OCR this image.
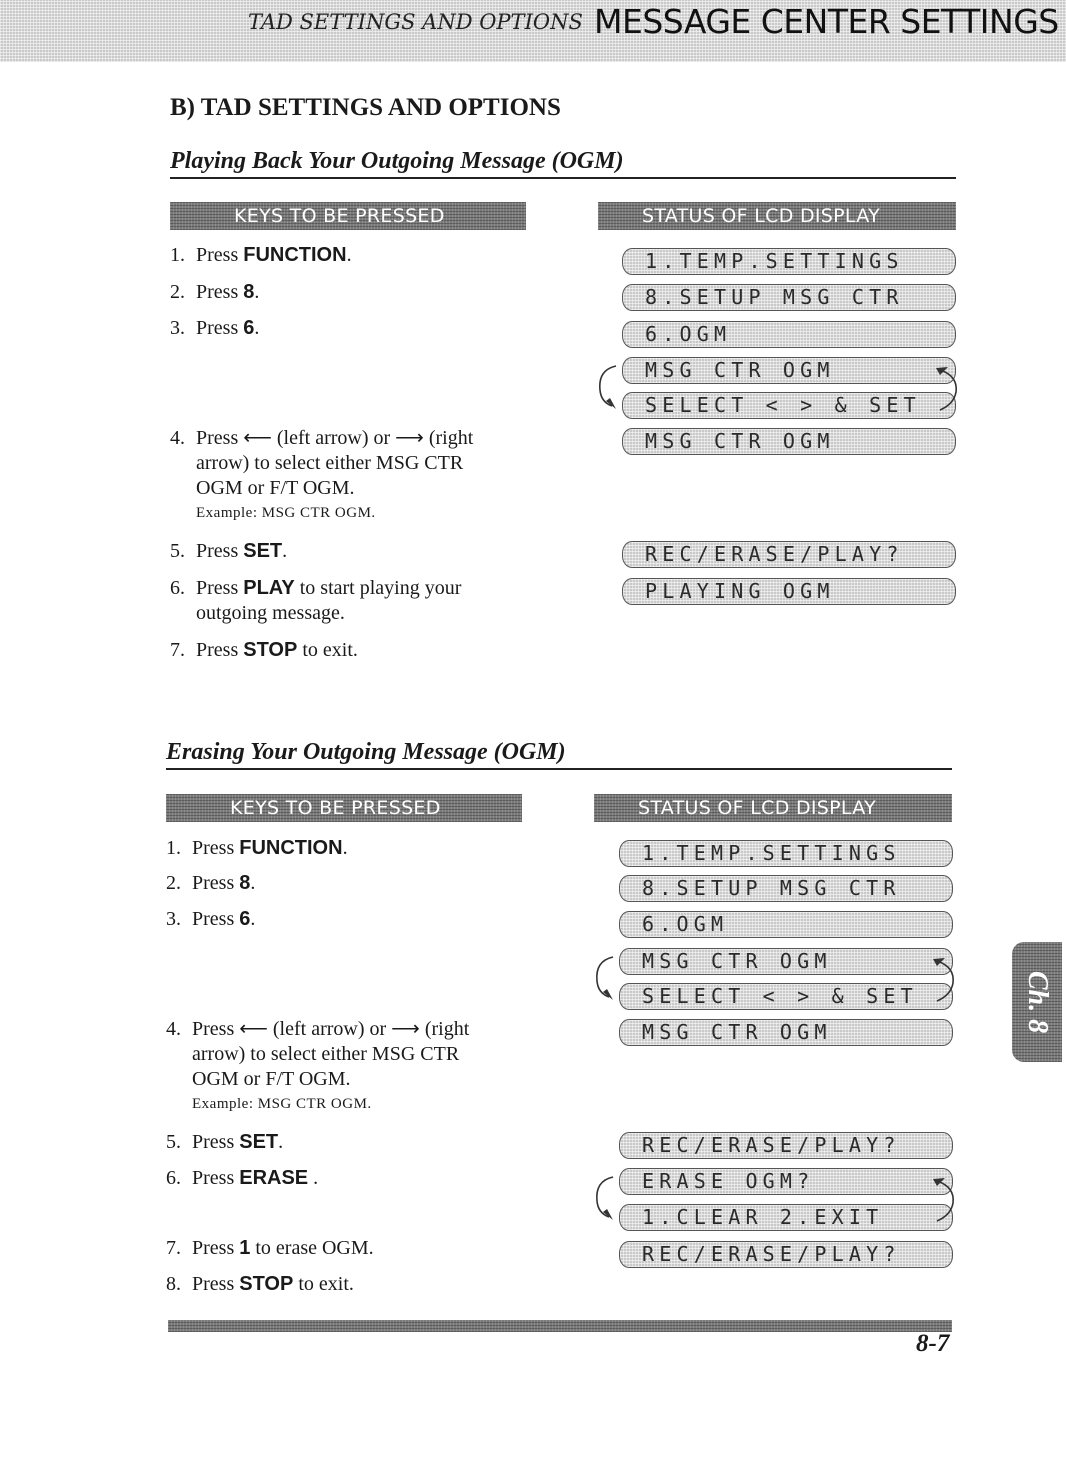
TAD SETTINGS AND OPTIONS MESSAGE CENTER SETTINGS
B) TAD SETTINGS AND OPTIONS
Playing Back Your Outgoing Message (OGM)
KEYS TO BE PRESSED	STATUS OF LCD DISPLAY
1. Press FUNCTION.
2. Press 8.
3. Press 6.
4. Press ⟵ (left arrow) or ⟶ (right
arrow) to select either MSG CTR
OGM or F/T OGM.
Example: MSG CTR OGM.
5. Press SET.
6. Press PLAY to start playing your
outgoing message.
7. Press STOP to exit.
1.TEMP.SETTINGS
8.SETUP MSG CTR
6.OGM
MSG CTR OGM
SELECT < > & SET
MSG CTR OGM
REC/ERASE/PLAY?
PLAYING OGM
Erasing Your Outgoing Message (OGM)
KEYS TO BE PRESSED	STATUS OF LCD DISPLAY
1. Press FUNCTION.
2. Press 8.
3. Press 6.
4. Press ⟵ (left arrow) or ⟶ (right
arrow) to select either MSG CTR
OGM or F/T OGM.
Example: MSG CTR OGM.
5. Press SET.
6. Press ERASE .
7. Press 1 to erase OGM.
8. Press STOP to exit.
1.TEMP.SETTINGS
8.SETUP MSG CTR
6.OGM
MSG CTR OGM
SELECT < > & SET
MSG CTR OGM
REC/ERASE/PLAY?
ERASE OGM?
1.CLEAR 2.EXIT
REC/ERASE/PLAY?
Ch. 8
8-7
